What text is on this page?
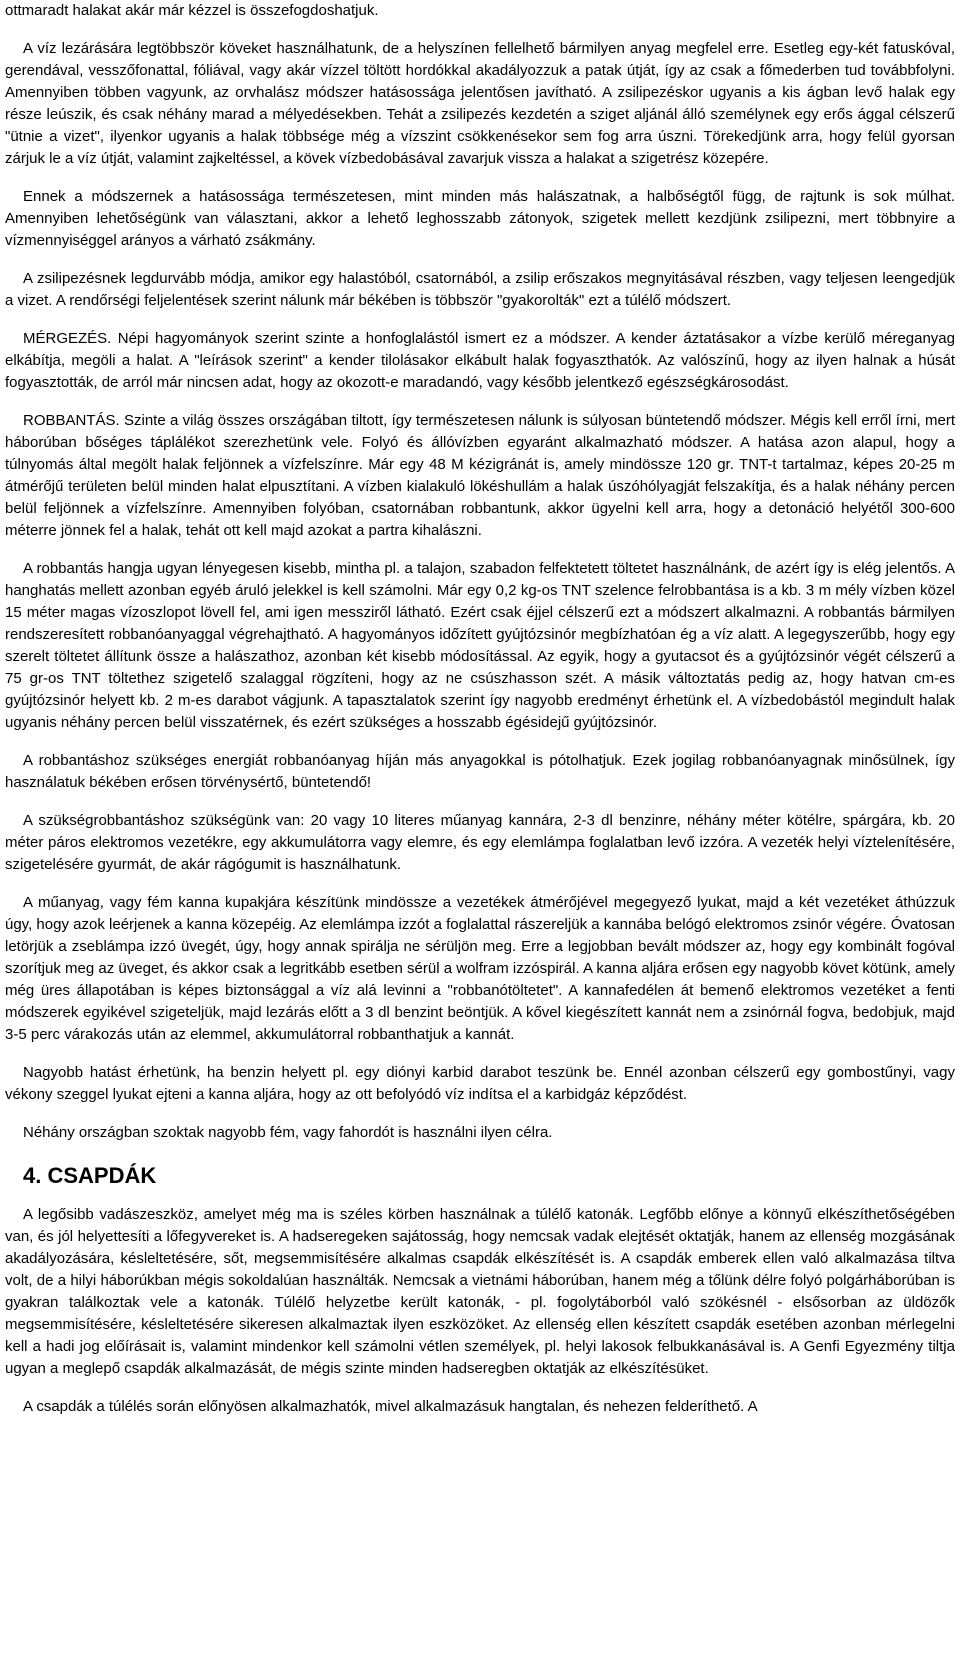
ottmaradt halakat akár már kézzel is összefogdoshatjuk.

A víz lezárására legtöbbször köveket használhatunk, de a helyszínen fellelhető bármilyen anyag megfelel erre. Esetleg egy-két fatuskóval, gerendával, vesszőfonattal, fóliával, vagy akár vízzel töltött hordókkal akadályozzuk a patak útját, így az csak a főmederben tud továbbfolyni. Amennyiben többen vagyunk, az orvhalász módszer hatásossága jelentősen javítható. A zsilipezéskor ugyanis a kis ágban levő halak egy része leúszik, és csak néhány marad a mélyedésekben. Tehát a zsilipezés kezdetén a sziget aljánál álló személynek egy erős ággal célszerű "ütnie a vizet", ilyenkor ugyanis a halak többsége még a vízszint csökkenésekor sem fog arra úszni. Törekedjünk arra, hogy felül gyorsan zárjuk le a víz útját, valamint zajkeltéssel, a kövek vízbedobásával zavarjuk vissza a halakat a szigetrész közepére.

Ennek a módszernek a hatásossága természetesen, mint minden más halászatnak, a halbőségtől függ, de rajtunk is sok múlhat. Amennyiben lehetőségünk van választani, akkor a lehető leghosszabb zátonyok, szigetek mellett kezdjünk zsilipezni, mert többnyire a vízmennyiséggel arányos a várható zsákmány.

A zsilipezésnek legdurvább módja, amikor egy halastóból, csatornából, a zsilip erőszakos megnyitásával részben, vagy teljesen leengedjük a vizet. A rendőrségi feljelentések szerint nálunk már békében is többször "gyakorolták" ezt a túlélő módszert.

MÉRGEZÉS. Népi hagyományok szerint szinte a honfoglalástól ismert ez a módszer. A kender áztatásakor a vízbe kerülő méreganyag elkábítja, megöli a halat. A "leírások szerint" a kender tilolásakor elkábult halak fogyaszthatók. Az valószínű, hogy az ilyen halnak a húsát fogyasztották, de arról már nincsen adat, hogy az okozott-e maradandó, vagy később jelentkező egészségkárosodást.

ROBBANTÁS. Szinte a világ összes országában tiltott, így természetesen nálunk is súlyosan büntetendő módszer. Mégis kell erről írni, mert háborúban bőséges táplálékot szerezhetünk vele. Folyó és állóvízben egyaránt alkalmazható módszer. A hatása azon alapul, hogy a túlnyomás által megölt halak feljönnek a vízfelszínre. Már egy 48 M kézigránát is, amely mindössze 120 gr. TNT-t tartalmaz, képes 20-25 m átmérőjű területen belül minden halat elpusztítani. A vízben kialakuló lökéshullám a halak úszóhólyagját felszakítja, és a halak néhány percen belül feljönnek a vízfelszínre. Amennyiben folyóban, csatornában robbantunk, akkor ügyelni kell arra, hogy a detonáció helyétől 300-600 méterre jönnek fel a halak, tehát ott kell majd azokat a partra kihalászni.

A robbantás hangja ugyan lényegesen kisebb, mintha pl. a talajon, szabadon felfektetett töltetet használnánk, de azért így is elég jelentős. A hanghatás mellett azonban egyéb áruló jelekkel is kell számolni. Már egy 0,2 kg-os TNT szelence felrobbantása is a kb. 3 m mély vízben közel 15 méter magas vízoszlopot lövell fel, ami igen messziről látható. Ezért csak éjjel célszerű ezt a módszert alkalmazni. A robbantás bármilyen rendszeresített robbanóanyaggal végrehajtható. A hagyományos időzített gyújtózsinór megbízhatóan ég a víz alatt. A legegyszerűbb, hogy egy szerelt töltetet állítunk össze a halászathoz, azonban két kisebb módosítással. Az egyik, hogy a gyutacsot és a gyújtózsinór végét célszerű a 75 gr-os TNT töltethez szigetelő szalaggal rögzíteni, hogy az ne csúszhasson szét. A másik változtatás pedig az, hogy hatvan cm-es gyújtózsinór helyett kb. 2 m-es darabot vágjunk. A tapasztalatok szerint így nagyobb eredményt érhetünk el. A vízbedobástól megindult halak ugyanis néhány percen belül visszatérnek, és ezért szükséges a hosszabb égésidejű gyújtózsinór.

A robbantáshoz szükséges energiát robbanóanyag híján más anyagokkal is pótolhatjuk. Ezek jogilag robbanóanyagnak minősülnek, így használatuk békében erősen törvénysértő, büntetendő!

A szükségrobbantáshoz szükségünk van: 20 vagy 10 literes műanyag kannára, 2-3 dl benzinre, néhány méter kötélre, spárgára, kb. 20 méter páros elektromos vezetékre, egy akkumulátorra vagy elemre, és egy elemlámpa foglalatban levő izzóra. A vezeték helyi víztelenítésére, szigetelésére gyurmát, de akár rágógumit is használhatunk.

A műanyag, vagy fém kanna kupakjára készítünk mindössze a vezetékek átmérőjével megegyező lyukat, majd a két vezetéket áthúzzuk úgy, hogy azok leérjenek a kanna közepéig. Az elemlámpa izzót a foglalattal rászereljük a kannába belógó elektromos zsinór végére. Óvatosan letörjük a zseblámpa izzó üvegét, úgy, hogy annak spirálja ne sérüljön meg. Erre a legjobban bevált módszer az, hogy egy kombinált fogóval szorítjuk meg az üveget, és akkor csak a legritkább esetben sérül a wolfram izzóspirál. A kanna aljára erősen egy nagyobb követ kötünk, amely még üres állapotában is képes biztonsággal a víz alá levinni a "robbanótöltetet". A kannafedélen át bemenő elektromos vezetéket a fenti módszerek egyikével szigeteljük, majd lezárás előtt a 3 dl benzint beöntjük. A kővel kiegészített kannát nem a zsinórnál fogva, bedobjuk, majd 3-5 perc várakozás után az elemmel, akkumulátorral robbanthatjuk a kannát.

Nagyobb hatást érhetünk, ha benzin helyett pl. egy diónyi karbid darabot teszünk be. Ennél azonban célszerű egy gombostűnyi, vagy vékony szeggel lyukat ejteni a kanna aljára, hogy az ott befolyódó víz indítsa el a karbidgáz képződést.

Néhány országban szoktak nagyobb fém, vagy fahordót is használni ilyen célra.

4. CSAPDÁK

A legősibb vadászeszköz, amelyet még ma is széles körben használnak a túlélő katonák. Legfőbb előnye a könnyű elkészíthetőségében van, és jól helyettesíti a lőfegyvereket is. A hadseregeken sajátosság, hogy nemcsak vadak elejtését oktatják, hanem az ellenség mozgásának akadályozására, késleltetésére, sőt, megsemmisítésére alkalmas csapdák elkészítését is. A csapdák emberek ellen való alkalmazása tiltva volt, de a hilyi háborúkban mégis sokoldalúan használták. Nemcsak a vietnámi háborúban, hanem még a tőlünk délre folyó polgárháborúban is gyakran találkoztak vele a katonák. Túlélő helyzetbe került katonák, - pl. fogolytáborból való szökésnél - elsősorban az üldözők megsemmisítésére, késleltetésére sikeresen alkalmaztak ilyen eszközöket. Az ellenség ellen készített csapdák esetében azonban mérlegelni kell a hadi jog előírásait is, valamint mindenkor kell számolni vétlen személyek, pl. helyi lakosok felbukkanásával is. A Genfi Egyezmény tiltja ugyan a meglepő csapdák alkalmazását, de mégis szinte minden hadseregben oktatják az elkészítésüket.

A csapdák a túlélés során előnyösen alkalmazhatók, mivel alkalmazásuk hangtalan, és nehezen felderíthető. A
